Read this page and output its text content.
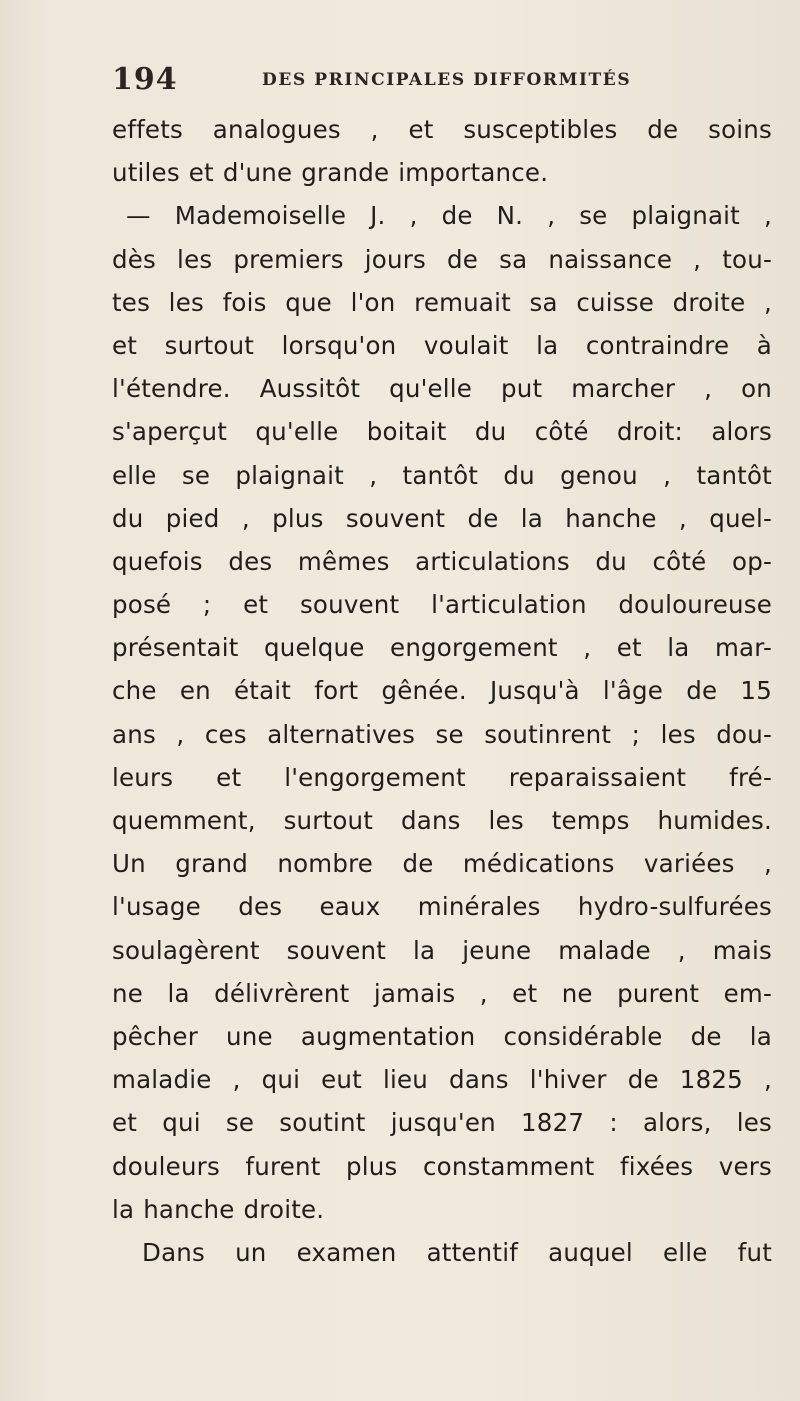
194	DES PRINCIPALES DIFFORMITÉS
effets analogues , et susceptibles de soins
utiles et d'une grande importance.
— Mademoiselle J. , de N. , se plaignait ,
dès les premiers jours de sa naissance , tou-
tes les fois que l'on remuait sa cuisse droite ,
et surtout lorsqu'on voulait la contraindre à
l'étendre. Aussitôt qu'elle put marcher , on
s'aperçut qu'elle boitait du côté droit: alors
elle se plaignait , tantôt du genou , tantôt
du pied , plus souvent de la hanche , quel-
quefois des mêmes articulations du côté op-
posé ; et souvent l'articulation douloureuse
présentait quelque engorgement , et la mar-
che en était fort gênée. Jusqu'à l'âge de 15
ans , ces alternatives se soutinrent ; les dou-
leurs et l'engorgement reparaissaient fré-
quemment, surtout dans les temps humides.
Un grand nombre de médications variées ,
l'usage des eaux minérales hydro-sulfurées
soulagèrent souvent la jeune malade , mais
ne la délivrèrent jamais , et ne purent em-
pêcher une augmentation considérable de la
maladie , qui eut lieu dans l'hiver de 1825 ,
et qui se soutint jusqu'en 1827 : alors, les
douleurs furent plus constamment fixées vers
la hanche droite.
Dans un examen attentif auquel elle fut
